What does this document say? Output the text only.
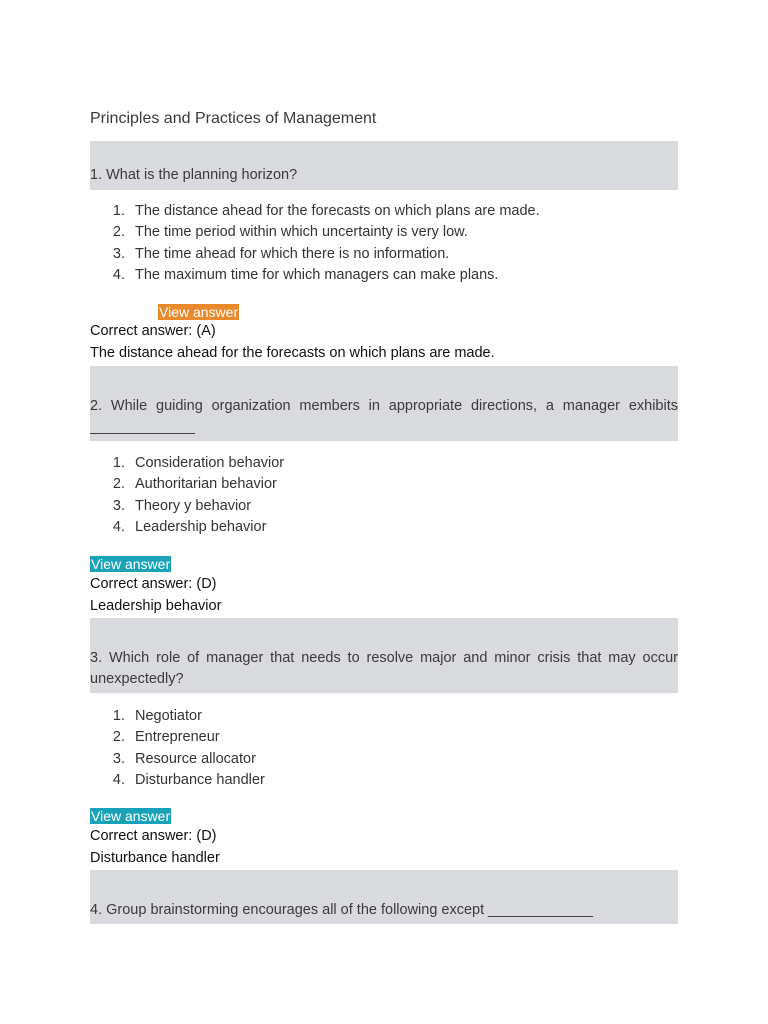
Principles and Practices of Management
1. What is the planning horizon?
1. The distance ahead for the forecasts on which plans are made.
2. The time period within which uncertainty is very low.
3. The time ahead for which there is no information.
4. The maximum time for which managers can make plans.
View answer
Correct answer: (A)
The distance ahead for the forecasts on which plans are made.
2. While guiding organization members in appropriate directions, a manager exhibits _____________
1. Consideration behavior
2. Authoritarian behavior
3. Theory y behavior
4. Leadership behavior
View answer
Correct answer: (D)
Leadership behavior
3. Which role of manager that needs to resolve major and minor crisis that may occur unexpectedly?
1. Negotiator
2. Entrepreneur
3. Resource allocator
4. Disturbance handler
View answer
Correct answer: (D)
Disturbance handler
4. Group brainstorming encourages all of the following except _____________
